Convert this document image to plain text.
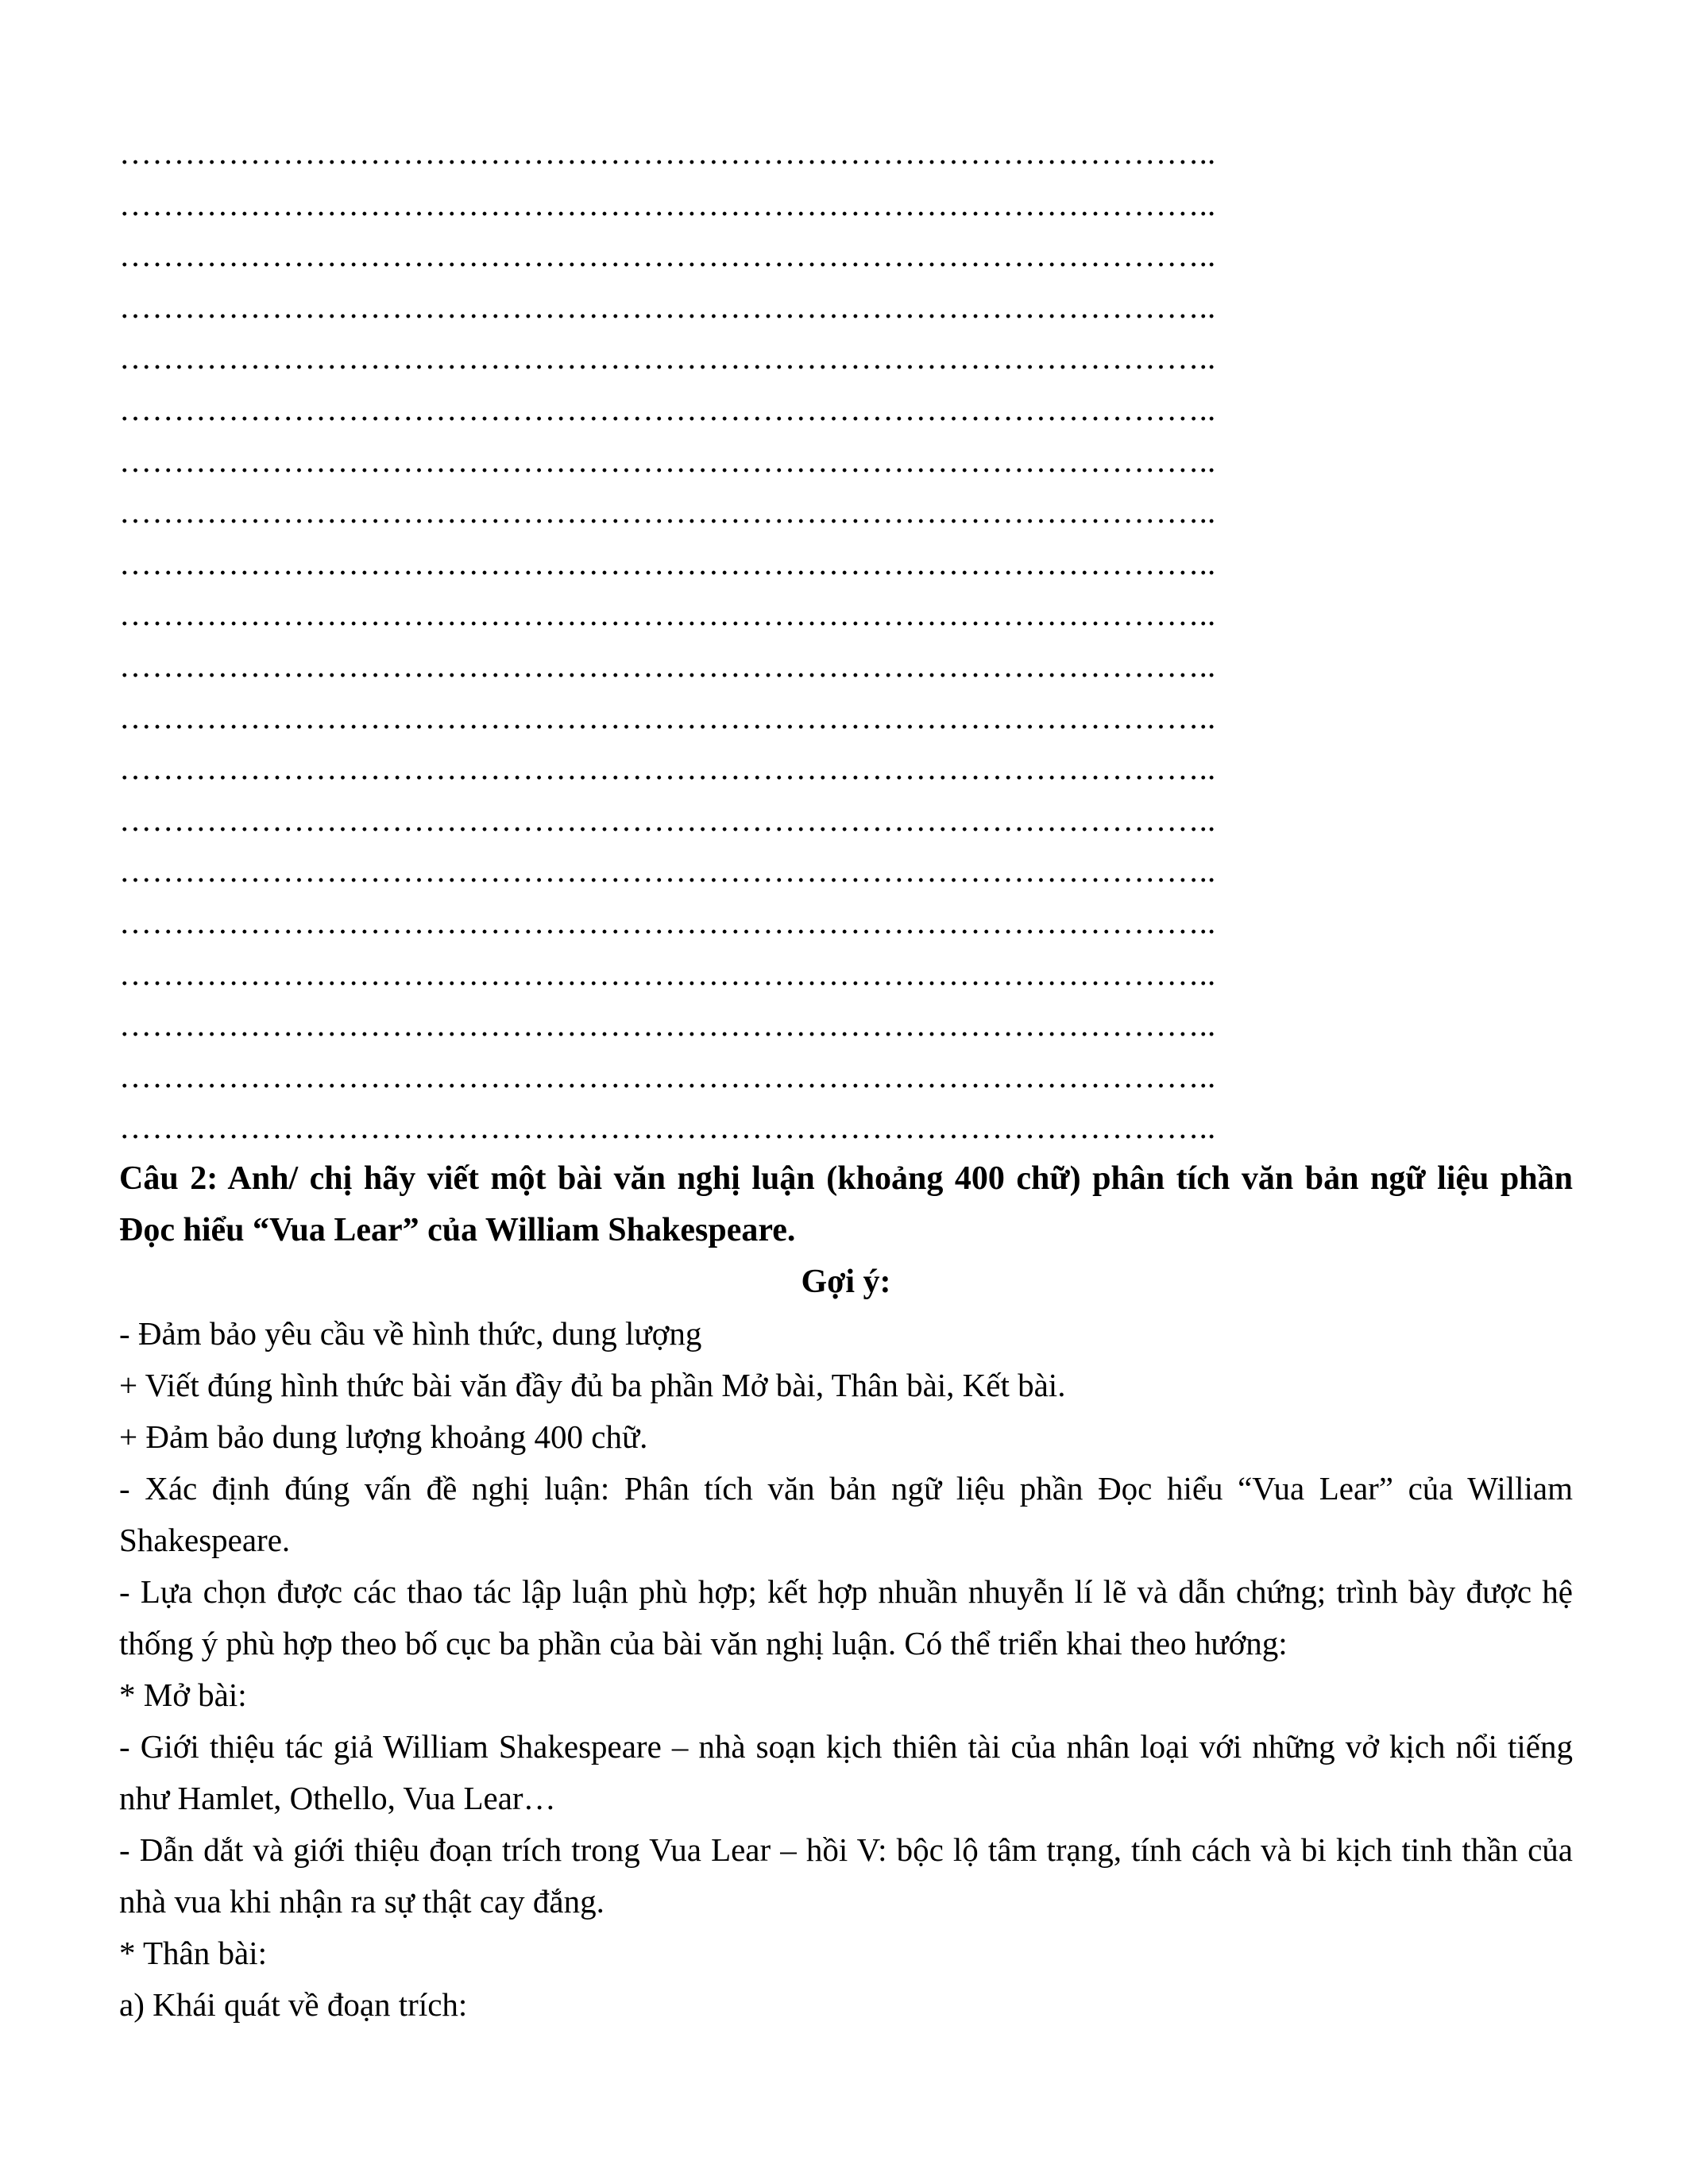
………………………………………………………………………………………..
………………………………………………………………………………………..
………………………………………………………………………………………..
………………………………………………………………………………………..
………………………………………………………………………………………..
………………………………………………………………………………………..
………………………………………………………………………………………..
………………………………………………………………………………………..
………………………………………………………………………………………..
………………………………………………………………………………………..
………………………………………………………………………………………..
………………………………………………………………………………………..
………………………………………………………………………………………..
………………………………………………………………………………………..
………………………………………………………………………………………..
………………………………………………………………………………………..
………………………………………………………………………………………..
………………………………………………………………………………………..
………………………………………………………………………………………..
………………………………………………………………………………………..

Câu 2: Anh/ chị hãy viết một bài văn nghị luận (khoảng 400 chữ) phân tích văn bản ngữ liệu phần Đọc hiểu “Vua Lear” của William Shakespeare.

Gợi ý:

- Đảm bảo yêu cầu về hình thức, dung lượng

+ Viết đúng hình thức bài văn đầy đủ ba phần Mở bài, Thân bài, Kết bài.

+ Đảm bảo dung lượng khoảng 400 chữ.

- Xác định đúng vấn đề nghị luận: Phân tích văn bản ngữ liệu phần Đọc hiểu “Vua Lear” của William Shakespeare.

- Lựa chọn được các thao tác lập luận phù hợp; kết hợp nhuần nhuyễn lí lẽ và dẫn chứng; trình bày được hệ thống ý phù hợp theo bố cục ba phần của bài văn nghị luận. Có thể triển khai theo hướng:

* Mở bài:

- Giới thiệu tác giả William Shakespeare – nhà soạn kịch thiên tài của nhân loại với những vở kịch nổi tiếng như Hamlet, Othello, Vua Lear…

- Dẫn dắt và giới thiệu đoạn trích trong Vua Lear – hồi V: bộc lộ tâm trạng, tính cách và bi kịch tinh thần của nhà vua khi nhận ra sự thật cay đắng.

* Thân bài:

a) Khái quát về đoạn trích:
